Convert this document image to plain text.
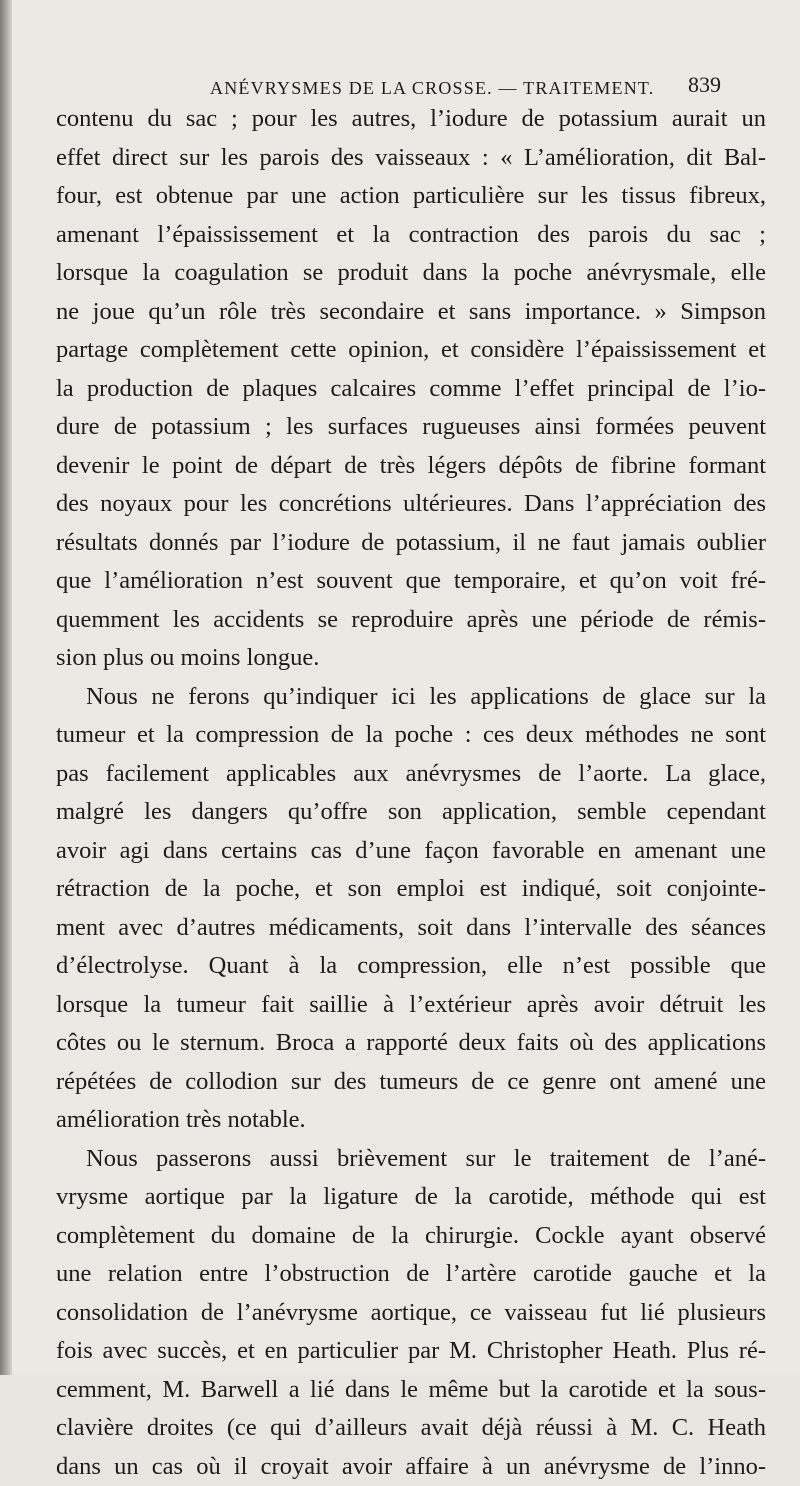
ANÉVRYSMES DE LA CROSSE. — TRAITEMENT. 839
contenu du sac ; pour les autres, l’iodure de potassium aurait un
effet direct sur les parois des vaisseaux : « L’amélioration, dit Bal-
four, est obtenue par une action particulière sur les tissus fibreux,
amenant l’épaississement et la contraction des parois du sac ;
lorsque la coagulation se produit dans la poche anévrysmale, elle
ne joue qu’un rôle très secondaire et sans importance. » Simpson
partage complètement cette opinion, et considère l’épaississement et
la production de plaques calcaires comme l’effet principal de l’io-
dure de potassium ; les surfaces rugueuses ainsi formées peuvent
devenir le point de départ de très légers dépôts de fibrine formant
des noyaux pour les concrétions ultérieures. Dans l’appréciation des
résultats donnés par l’iodure de potassium, il ne faut jamais oublier
que l’amélioration n’est souvent que temporaire, et qu’on voit fré-
quemment les accidents se reproduire après une période de rémis-
sion plus ou moins longue.
Nous ne ferons qu’indiquer ici les applications de glace sur la
tumeur et la compression de la poche : ces deux méthodes ne sont
pas facilement applicables aux anévrysmes de l’aorte. La glace,
malgré les dangers qu’offre son application, semble cependant
avoir agi dans certains cas d’une façon favorable en amenant une
rétraction de la poche, et son emploi est indiqué, soit conjointe-
ment avec d’autres médicaments, soit dans l’intervalle des séances
d’électrolyse. Quant à la compression, elle n’est possible que
lorsque la tumeur fait saillie à l’extérieur après avoir détruit les
côtes ou le sternum. Broca a rapporté deux faits où des applications
répétées de collodion sur des tumeurs de ce genre ont amené une
amélioration très notable.
Nous passerons aussi brièvement sur le traitement de l’ané-
vrysme aortique par la ligature de la carotide, méthode qui est
complètement du domaine de la chirurgie. Cockle ayant observé
une relation entre l’obstruction de l’artère carotide gauche et la
consolidation de l’anévrysme aortique, ce vaisseau fut lié plusieurs
fois avec succès, et en particulier par M. Christopher Heath. Plus ré-
cemment, M. Barwell a lié dans le même but la carotide et la sous-
clavière droites (ce qui d’ailleurs avait déjà réussi à M. C. Heath
dans un cas où il croyait avoir affaire à un anévrysme de l’inno-
